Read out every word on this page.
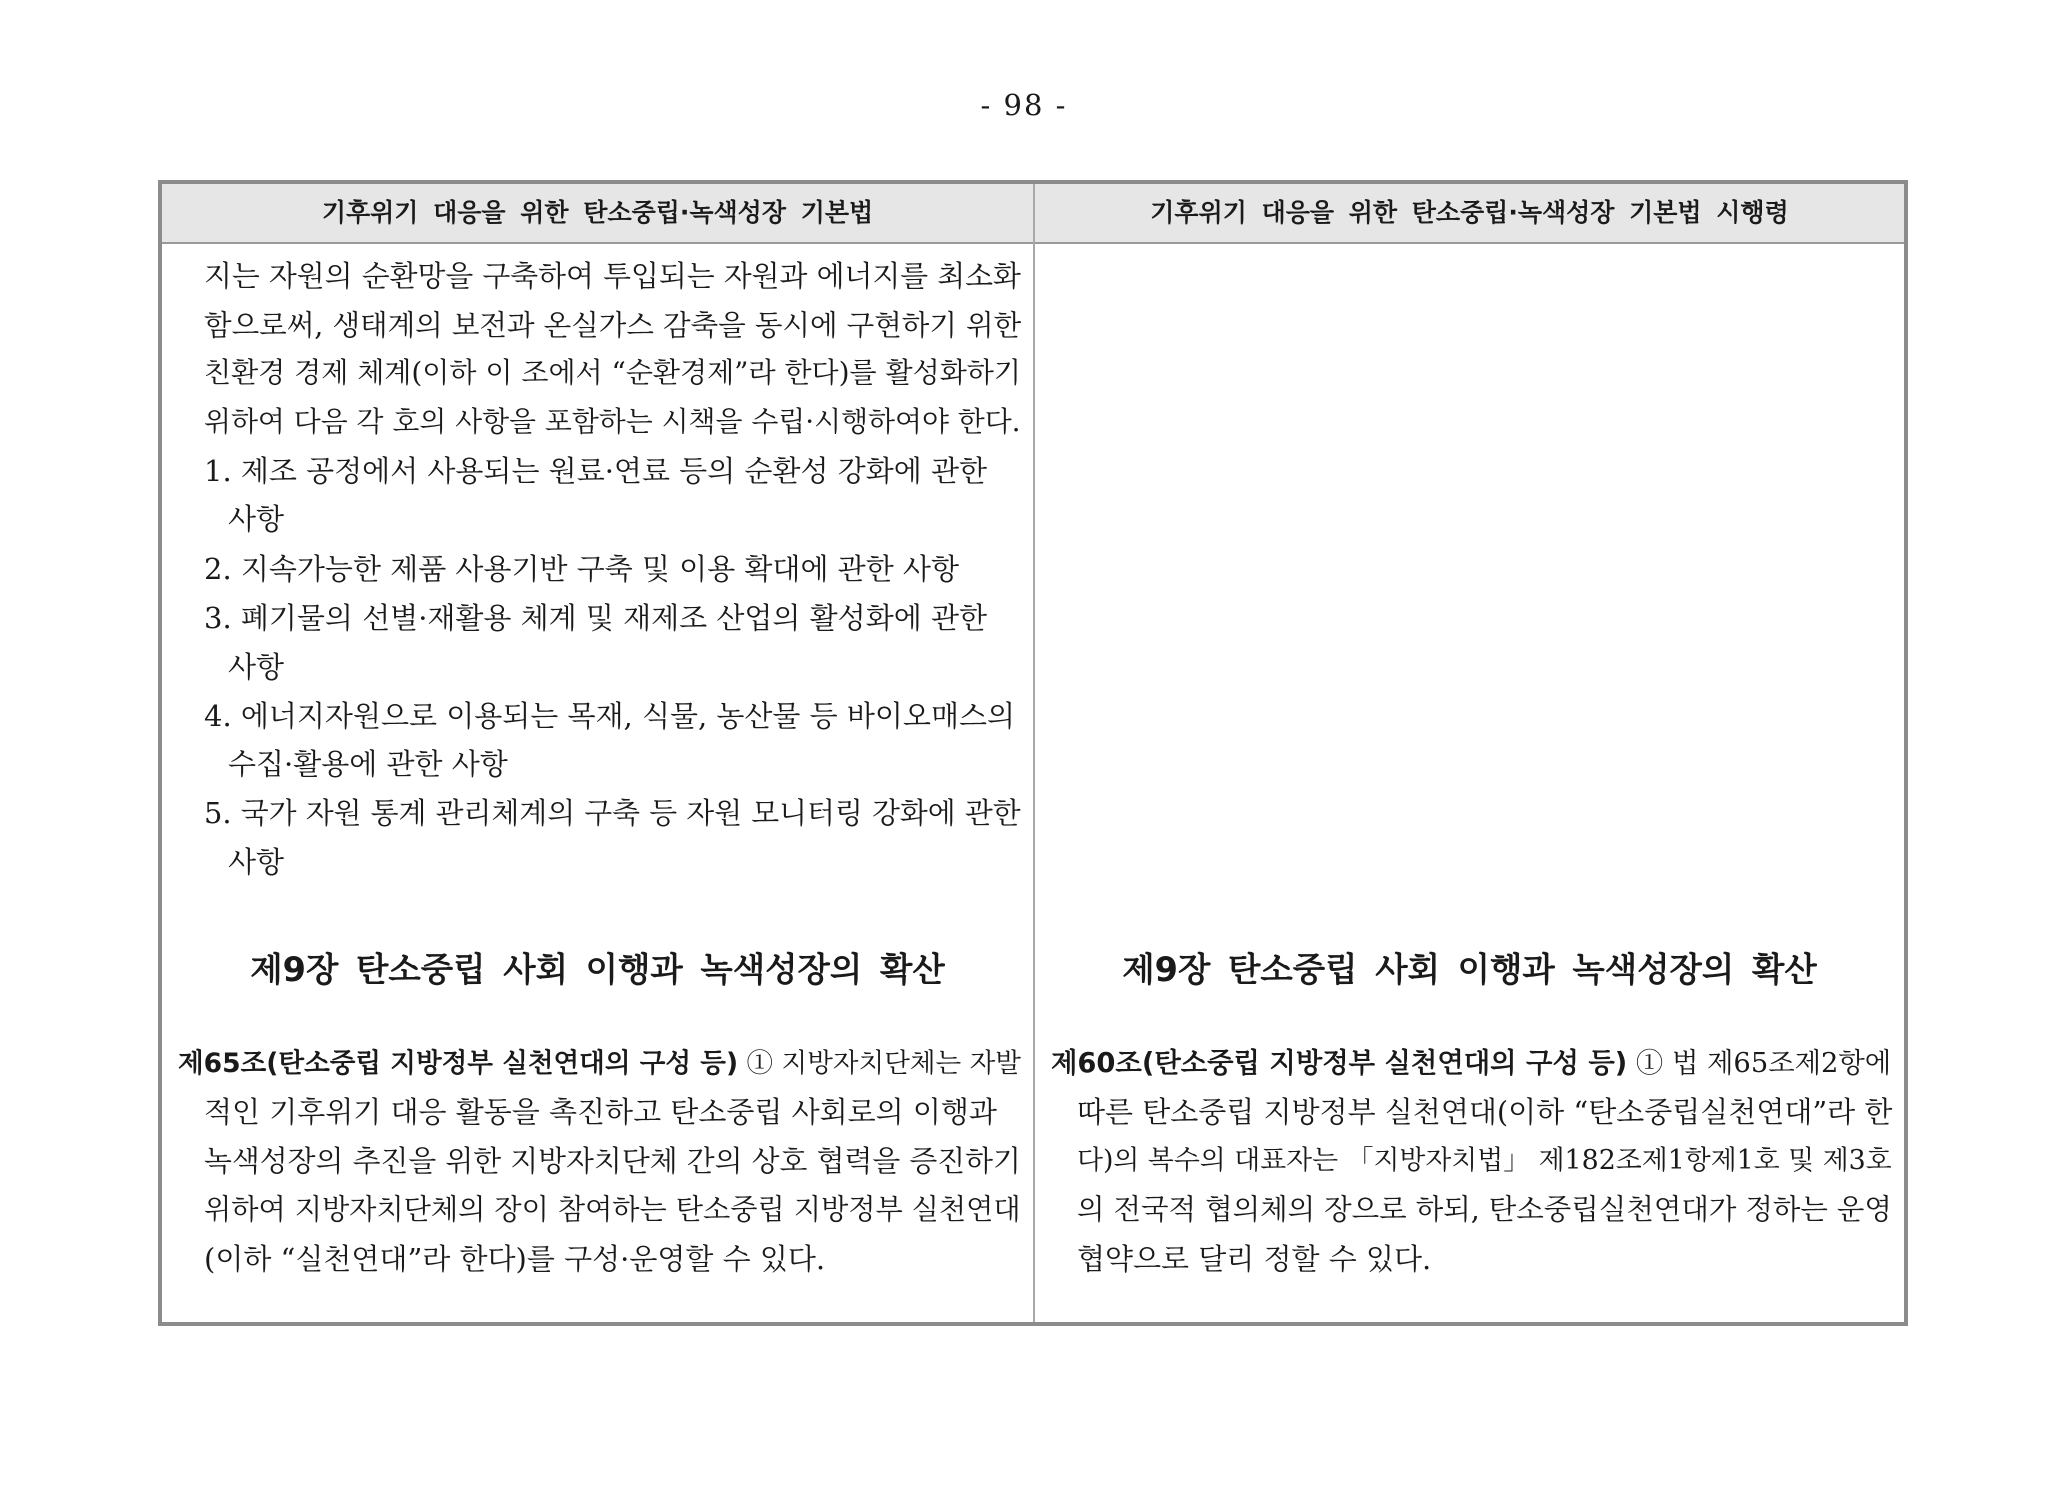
- 98 -
기후위기 대응을 위한 탄소중립·녹색성장 기본법	기후위기 대응을 위한 탄소중립·녹색성장 기본법 시행령
지는 자원의 순환망을 구축하여 투입되는 자원과 에너지를 최소화
함으로써, 생태계의 보전과 온실가스 감축을 동시에 구현하기 위한
친환경 경제 체계(이하 이 조에서 “순환경제”라 한다)를 활성화하기
위하여 다음 각 호의 사항을 포함하는 시책을 수립·시행하여야 한다.
1. 제조 공정에서 사용되는 원료·연료 등의 순환성 강화에 관한
사항
2. 지속가능한 제품 사용기반 구축 및 이용 확대에 관한 사항
3. 폐기물의 선별·재활용 체계 및 재제조 산업의 활성화에 관한
사항
4. 에너지자원으로 이용되는 목재, 식물, 농산물 등 바이오매스의
수집·활용에 관한 사항
5. 국가 자원 통계 관리체계의 구축 등 자원 모니터링 강화에 관한
사항
제9장 탄소중립 사회 이행과 녹색성장의 확산
제65조(탄소중립 지방정부 실천연대의 구성 등) ① 지방자치단체는 자발
적인 기후위기 대응 활동을 촉진하고 탄소중립 사회로의 이행과
녹색성장의 추진을 위한 지방자치단체 간의 상호 협력을 증진하기
위하여 지방자치단체의 장이 참여하는 탄소중립 지방정부 실천연대
(이하 “실천연대”라 한다)를 구성·운영할 수 있다.
제9장 탄소중립 사회 이행과 녹색성장의 확산
제60조(탄소중립 지방정부 실천연대의 구성 등) ① 법 제65조제2항에
따른 탄소중립 지방정부 실천연대(이하 “탄소중립실천연대”라 한
다)의 복수의 대표자는 「지방자치법」 제182조제1항제1호 및 제3호
의 전국적 협의체의 장으로 하되, 탄소중립실천연대가 정하는 운영
협약으로 달리 정할 수 있다.
